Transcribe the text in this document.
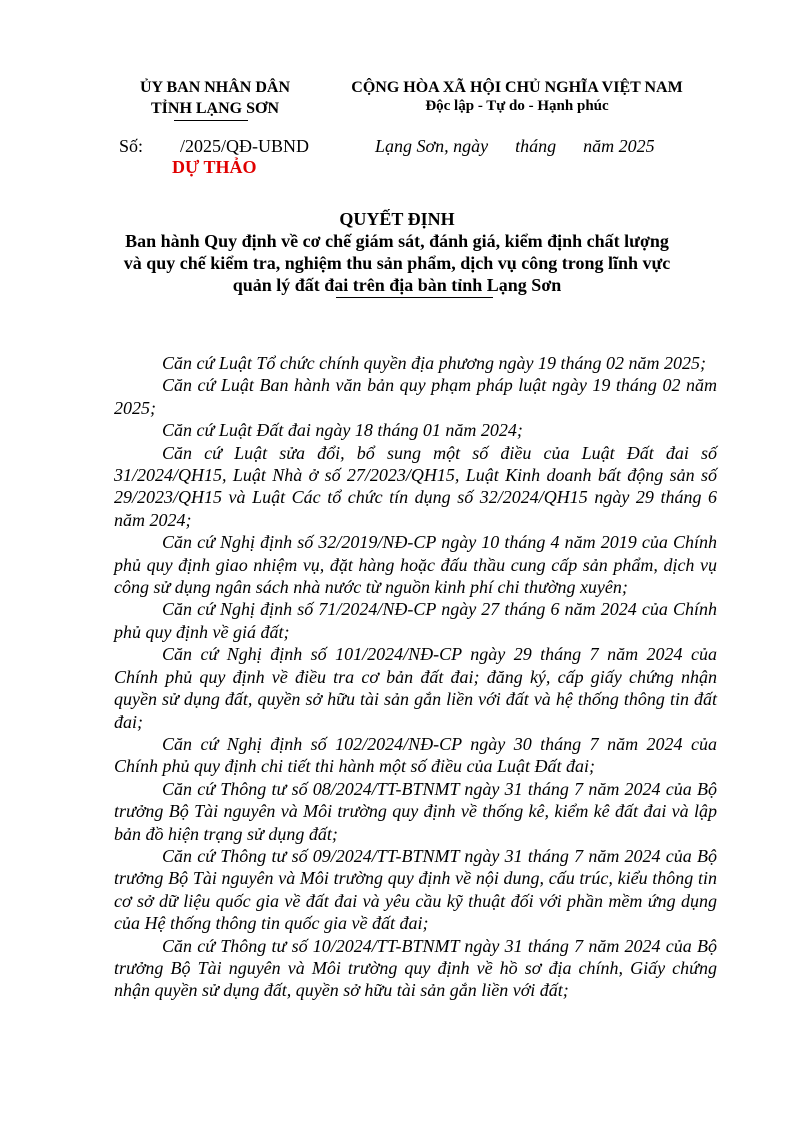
ỦY BAN NHÂN DÂN
TỈNH LẠNG SƠN
CỘNG HÒA XÃ HỘI CHỦ NGHĨA VIỆT NAM
Độc lập - Tự do - Hạnh phúc
Số: /2025/QĐ-UBND
DỰ THẢO
Lạng Sơn, ngày      tháng      năm 2025
QUYẾT ĐỊNH
Ban hành Quy định về cơ chế giám sát, đánh giá, kiểm định chất lượng
và quy chế kiểm tra, nghiệm thu sản phẩm, dịch vụ công trong lĩnh vực
quản lý đất đai trên địa bàn tỉnh Lạng Sơn

Căn cứ Luật Tổ chức chính quyền địa phương ngày 19 tháng 02 năm 2025;

Căn cứ Luật Ban hành văn bản quy phạm pháp luật ngày 19 tháng 02 năm 2025;

Căn cứ Luật Đất đai ngày 18 tháng 01 năm 2024;

Căn cứ Luật sửa đổi, bổ sung một số điều của Luật Đất đai số 31/2024/QH15, Luật Nhà ở số 27/2023/QH15, Luật Kinh doanh bất động sản số 29/2023/QH15 và Luật Các tổ chức tín dụng số 32/2024/QH15 ngày 29 tháng 6 năm 2024;

Căn cứ Nghị định số 32/2019/NĐ-CP ngày 10 tháng 4 năm 2019 của Chính phủ quy định giao nhiệm vụ, đặt hàng hoặc đấu thầu cung cấp sản phẩm, dịch vụ công sử dụng ngân sách nhà nước từ nguồn kinh phí chi thường xuyên;

Căn cứ Nghị định số 71/2024/NĐ-CP ngày 27 tháng 6 năm 2024 của Chính phủ quy định về giá đất;

Căn cứ Nghị định số 101/2024/NĐ-CP ngày 29 tháng 7 năm 2024 của Chính phủ quy định về điều tra cơ bản đất đai; đăng ký, cấp giấy chứng nhận quyền sử dụng đất, quyền sở hữu tài sản gắn liền với đất và hệ thống thông tin đất đai;

Căn cứ Nghị định số 102/2024/NĐ-CP ngày 30 tháng 7 năm 2024 của Chính phủ quy định chi tiết thi hành một số điều của Luật Đất đai;

Căn cứ Thông tư số 08/2024/TT-BTNMT ngày 31 tháng 7 năm 2024 của Bộ trưởng Bộ Tài nguyên và Môi trường quy định về thống kê, kiểm kê đất đai và lập bản đồ hiện trạng sử dụng đất;

Căn cứ Thông tư số 09/2024/TT-BTNMT ngày 31 tháng 7 năm 2024 của Bộ trưởng Bộ Tài nguyên và Môi trường quy định về nội dung, cấu trúc, kiểu thông tin cơ sở dữ liệu quốc gia về đất đai và yêu cầu kỹ thuật đối với phần mềm ứng dụng của Hệ thống thông tin quốc gia về đất đai;

Căn cứ Thông tư số 10/2024/TT-BTNMT ngày 31 tháng 7 năm 2024 của Bộ trưởng Bộ Tài nguyên và Môi trường quy định về hồ sơ địa chính, Giấy chứng nhận quyền sử dụng đất, quyền sở hữu tài sản gắn liền với đất;
